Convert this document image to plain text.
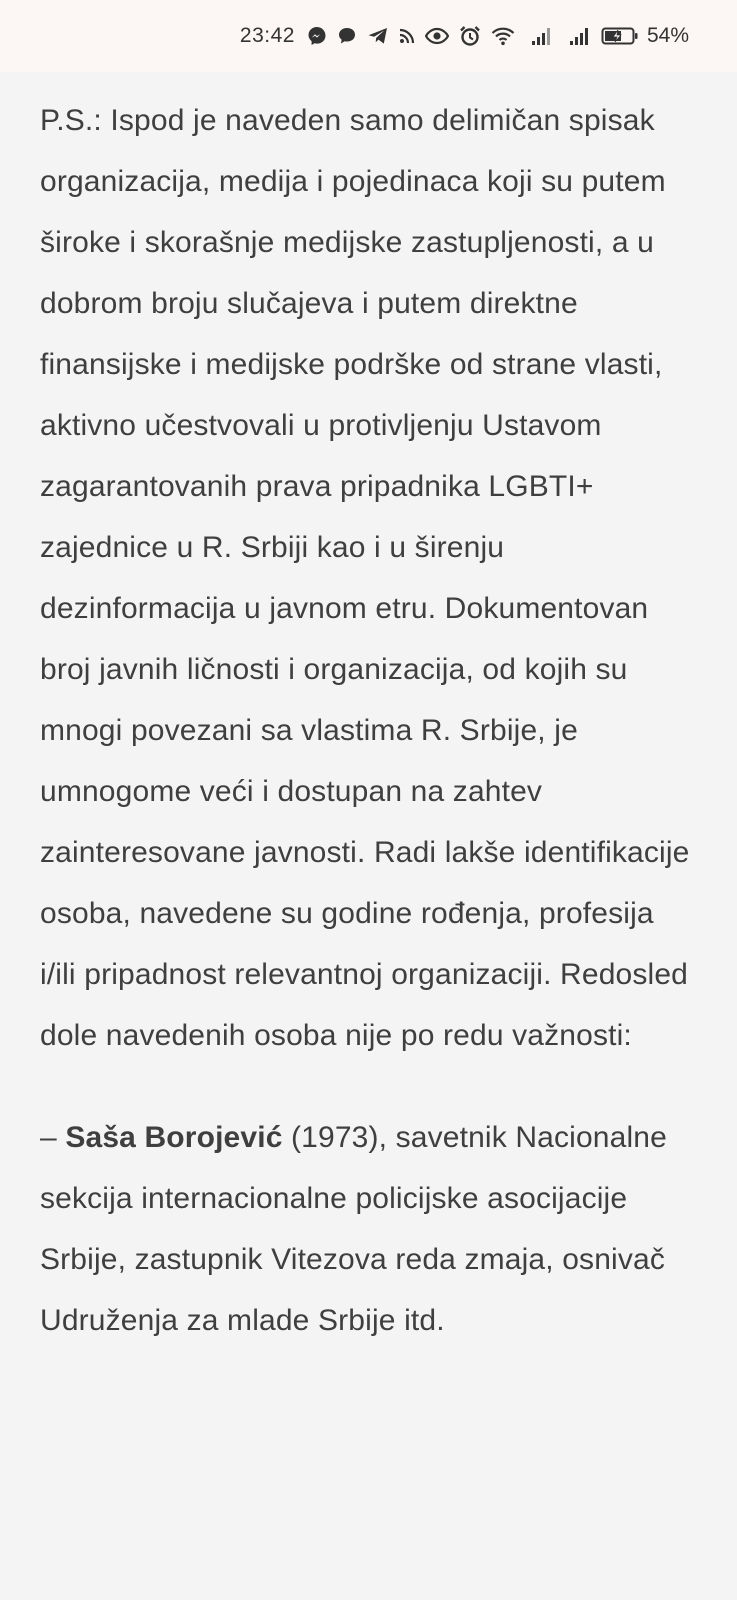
23:42	54%

P.S.: Ispod je naveden samo delimičan spisak organizacija, medija i pojedinaca koji su putem široke i skorašnje medijske zastupljenosti, a u dobrom broju slučajeva i putem direktne finansijske i medijske podrške od strane vlasti, aktivno učestvovali u protivljenju Ustavom zagarantovanih prava pripadnika LGBTI+ zajednice u R. Srbiji kao i u širenju dezinformacija u javnom etru. Dokumentovan broj javnih ličnosti i organizacija, od kojih su mnogi povezani sa vlastima R. Srbije, je umnogome veći i dostupan na zahtev zainteresovane javnosti. Radi lakše identifikacije osoba, navedene su godine rođenja, profesija i/ili pripadnost relevantnoj organizaciji. Redosled dole navedenih osoba nije po redu važnosti:

– Saša Borojević (1973), savetnik Nacionalne sekcija internacionalne policijske asocijacije Srbije, zastupnik Vitezova reda zmaja, osnivač Udruženja za mlade Srbije itd.
